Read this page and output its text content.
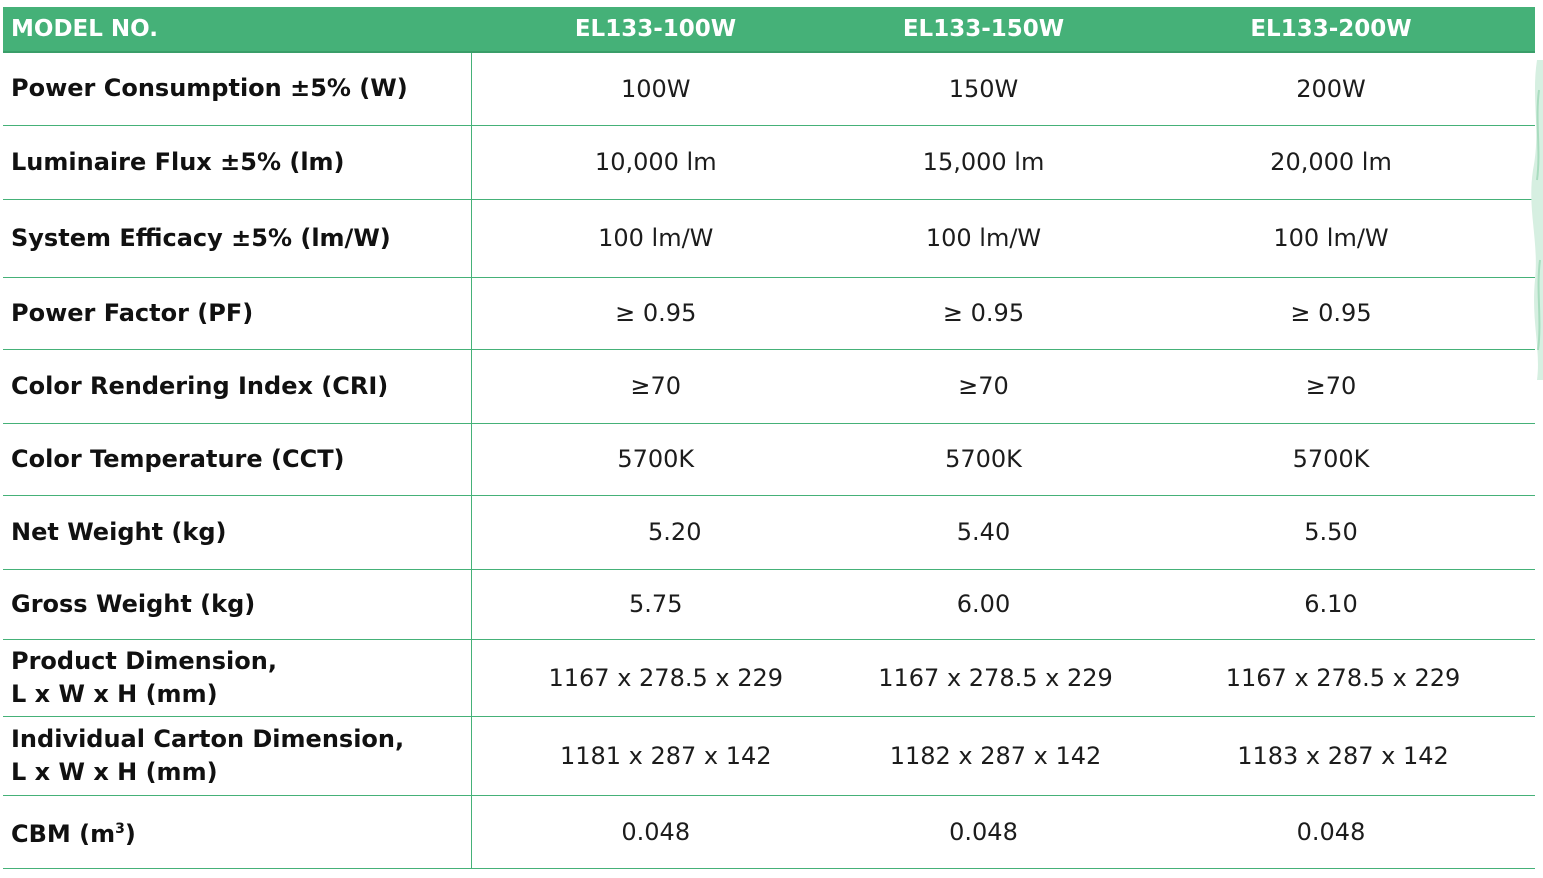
MODEL NO.	EL133-100W	EL133-150W	EL133-200W
Power Consumption ±5% (W)	100W	150W	200W
Luminaire Flux ±5% (lm)	10,000 lm	15,000 lm	20,000 lm
System Efficacy ±5% (lm/W)	100 lm/W	100 lm/W	100 lm/W
Power Factor (PF)	≥ 0.95	≥ 0.95	≥ 0.95
Color Rendering Index (CRI)	≥70	≥70	≥70
Color Temperature (CCT)	5700K	5700K	5700K
Net Weight (kg)	5.20	5.40	5.50
Gross Weight (kg)	5.75	6.00	6.10

Product Dimension,
L x W x H (mm)	1167 x 278.5 x 229	1167 x 278.5 x 229	1167 x 278.5 x 229

Individual Carton Dimension,
L x W x H (mm)	1181 x 287 x 142	1182 x 287 x 142	1183 x 287 x 142
CBM $(m^3)$	0.048	0.048	0.048
